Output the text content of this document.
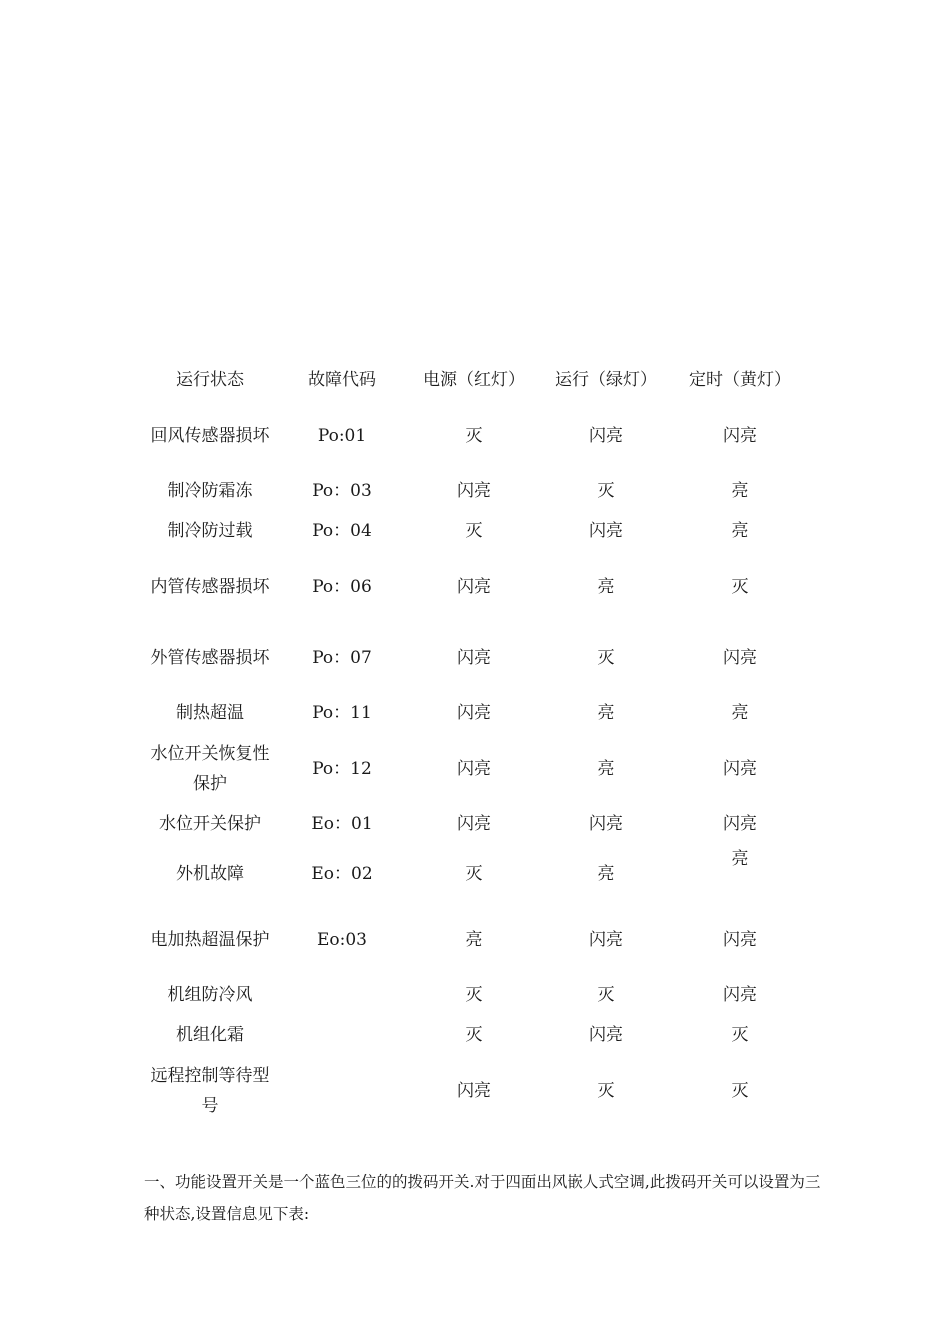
运行状态	故障代码	电源（红灯）	运行（绿灯）	定时（黄灯）
回风传感器损坏	Po:01	灭	闪亮	闪亮
制冷防霜冻	Po：03	闪亮	灭	亮
制冷防过载	Po：04	灭	闪亮	亮
内管传感器损坏	Po：06	闪亮	亮	灭
外管传感器损坏	Po：07	闪亮	灭	闪亮
制热超温	Po：11	闪亮	亮	亮
水位开关恢复性保护	Po：12	闪亮	亮	闪亮
水位开关保护	Eo：01	闪亮	闪亮	闪亮
外机故障	Eo：02	灭	亮	亮
电加热超温保护	Eo:03	亮	闪亮	闪亮
机组防冷风		灭	灭	闪亮
机组化霜		灭	闪亮	灭
远程控制等待型号		闪亮	灭	灭

一、功能设置开关是一个蓝色三位的的拨码开关.对于四面出风嵌人式空调,此拨码开关可以设置为三种状态,设置信息见下表:
